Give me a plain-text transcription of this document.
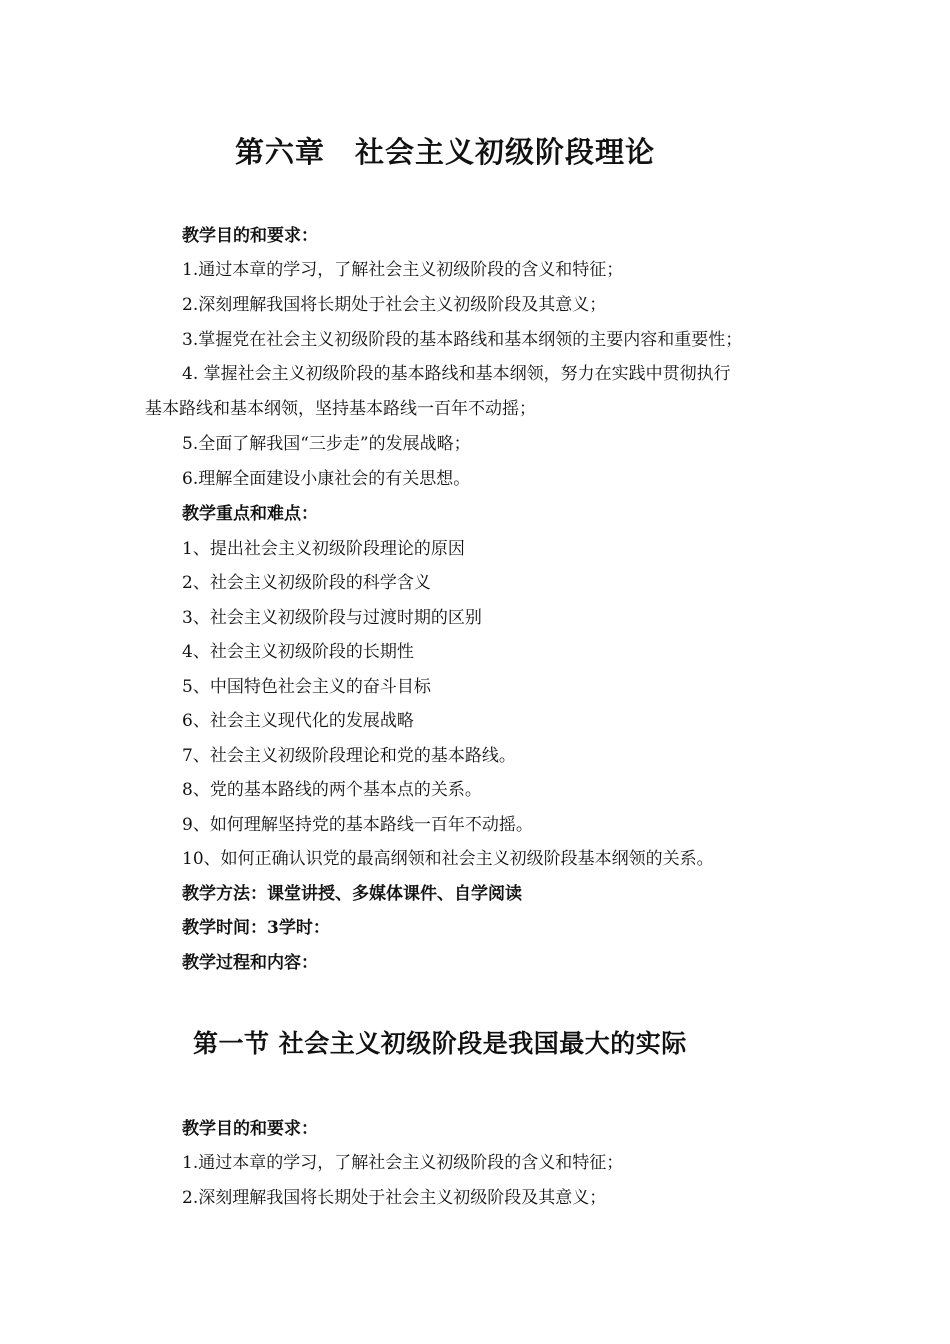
第六章 社会主义初级阶段理论

教学目的和要求：

1.通过本章的学习，了解社会主义初级阶段的含义和特征；

2.深刻理解我国将长期处于社会主义初级阶段及其意义；

3.掌握党在社会主义初级阶段的基本路线和基本纲领的主要内容和重要性；

4. 掌握社会主义初级阶段的基本路线和基本纲领，努力在实践中贯彻执行

基本路线和基本纲领，坚持基本路线一百年不动摇；

5.全面了解我国“三步走”的发展战略；

6.理解全面建设小康社会的有关思想。

教学重点和难点：

1、提出社会主义初级阶段理论的原因

2、社会主义初级阶段的科学含义

3、社会主义初级阶段与过渡时期的区别

4、社会主义初级阶段的长期性

5、中国特色社会主义的奋斗目标

6、社会主义现代化的发展战略

7、社会主义初级阶段理论和党的基本路线。

8、党的基本路线的两个基本点的关系。

9、如何理解坚持党的基本路线一百年不动摇。

10、如何正确认识党的最高纲领和社会主义初级阶段基本纲领的关系。

教学方法：课堂讲授、多媒体课件、自学阅读

教学时间：3学时：

教学过程和内容：

第一节 社会主义初级阶段是我国最大的实际

教学目的和要求：

1.通过本章的学习，了解社会主义初级阶段的含义和特征；

2.深刻理解我国将长期处于社会主义初级阶段及其意义；
